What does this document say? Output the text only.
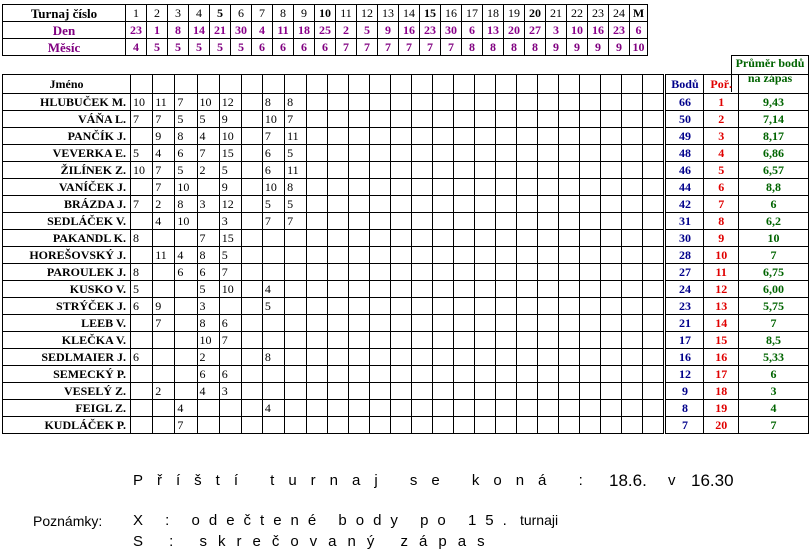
Turnaj číslo	1	2	3	4	5	6	7	8	9	10	11	12	13	14	15	16	17	18	19	20	21	22	23	24	M
Den	23	1	8	14	21	30	4	11	18	25	2	5	9	16	23	30	6	13	20	27	3	10	16	23	6
Měsíc	4	5	5	5	5	5	6	6	6	6	7	7	7	7	7	7	8	8	8	8	9	9	9	9	10
Průměr bodů na zápas
Jméno																											Bodů	Poř.	
HLUBUČEK M.	10	11	7	10	12		8	8																			66	1	9,43
VÁŇA L.	7	7	5	5	9		10	7																			50	2	7,14
PANČÍK J.		9	8	4	10		7	11																			49	3	8,17
VEVERKA E.	5	4	6	7	15		6	5																			48	4	6,86
ŽILÍNEK Z.	10	7	5	2	5		6	11																			46	5	6,57
VANÍČEK J.		7	10		9		10	8																			44	6	8,8
BRÁZDA J.	7	2	8	3	12		5	5																			42	7	6
SEDLÁČEK V.		4	10		3		7	7																			31	8	6,2
PAKANDL K.	8			7	15																						30	9	10
HOREŠOVSKÝ J.		11	4	8	5																						28	10	7
PAROULEK J.	8		6	6	7																						27	11	6,75
KUSKO V.	5			5	10		4																				24	12	6,00
STRÝČEK J.	6	9		3			5																				23	13	5,75
LEEB V.		7		8	6																						21	14	7
KLEČKA V.				10	7																						17	15	8,5
SEDLMAIER J.	6			2			8																				16	16	5,33
SEMECKÝ P.				6	6																						12	17	6
VESELÝ Z.		2		4	3																						9	18	3
FEIGL Z.			4				4																				8	19	4
KUDLÁČEK P.			7																								7	20	7
Příští turnaj se koná : 18.6. v 16.30
Poznámky: X : odečtené body po 15. turnaji
S : skrečovaný zápas
